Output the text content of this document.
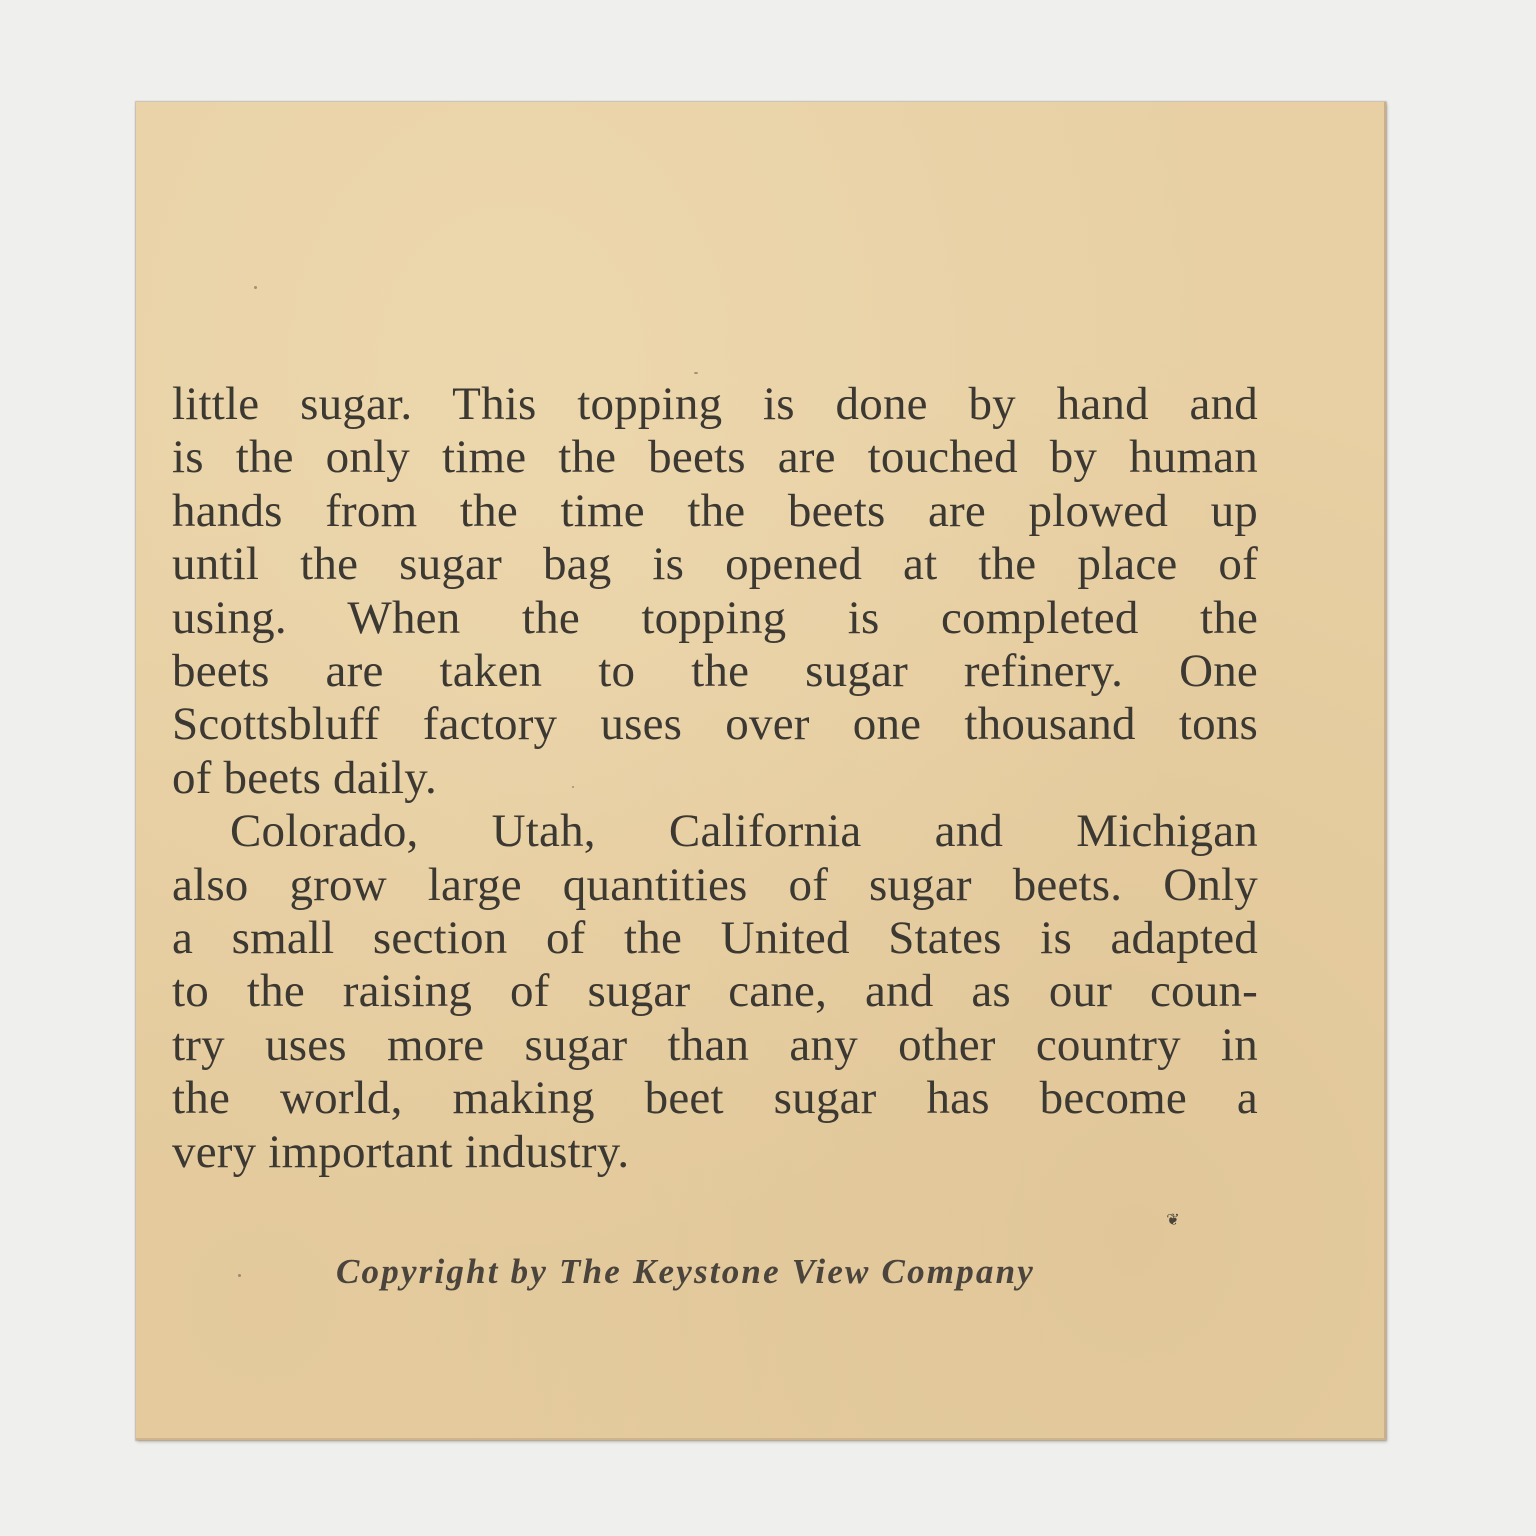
little sugar. This topping is done by hand and
is the only time the beets are touched by human
hands from the time the beets are plowed up
until the sugar bag is opened at the place of
using. When the topping is completed the
beets are taken to the sugar refinery. One
Scottsbluff factory uses over one thousand tons
of beets daily.
Colorado, Utah, California and Michigan
also grow large quantities of sugar beets. Only
a small section of the United States is adapted
to the raising of sugar cane, and as our coun-
try uses more sugar than any other country in
the world, making beet sugar has become a
very important industry.
❦
Copyright by The Keystone View Company
